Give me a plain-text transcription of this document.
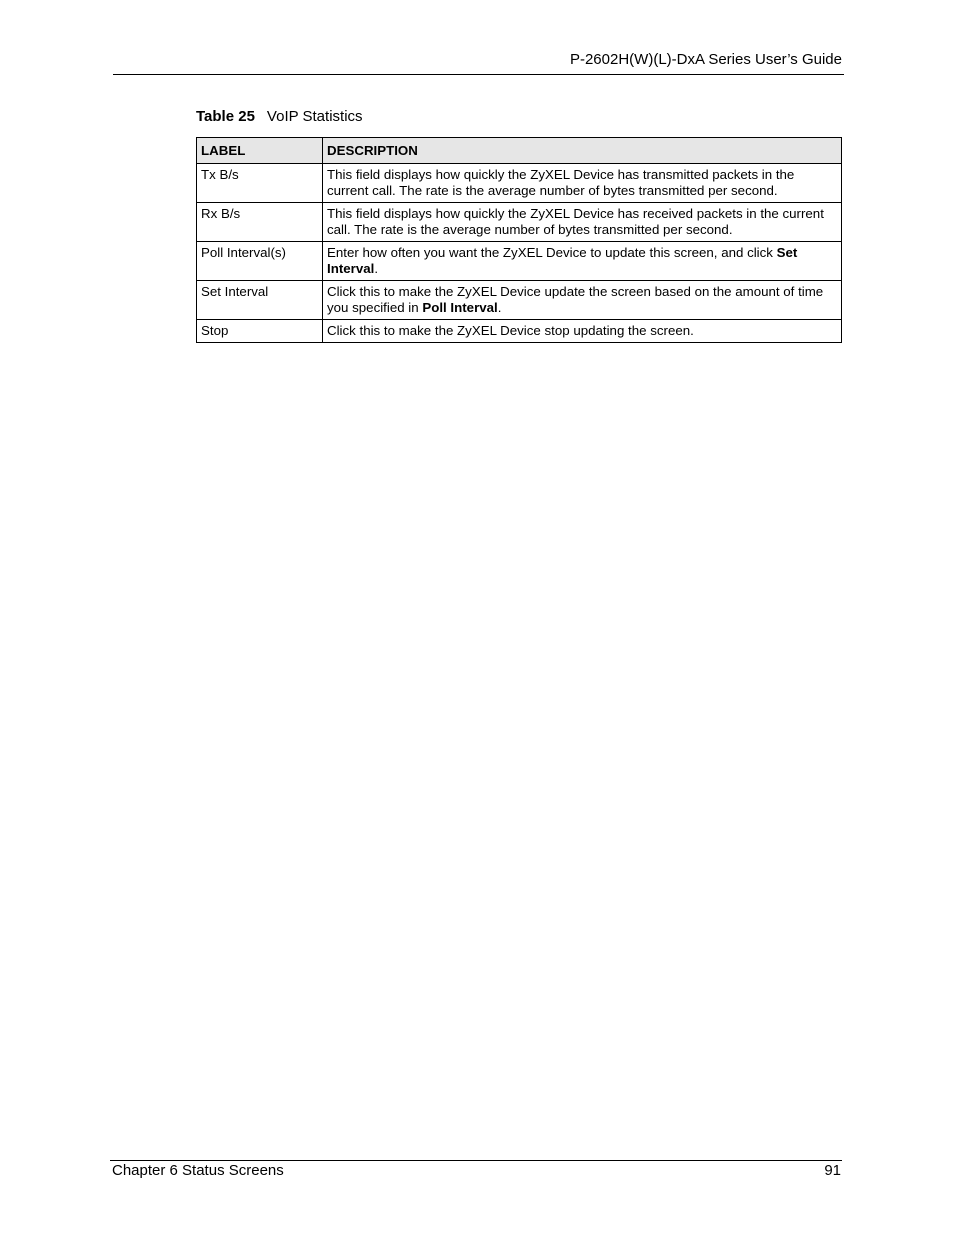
P-2602H(W)(L)-DxA Series User’s Guide
Table 25 VoIP Statistics
LABEL	DESCRIPTION
Tx B/s	This field displays how quickly the ZyXEL Device has transmitted packets in the current call. The rate is the average number of bytes transmitted per second.
Rx B/s	This field displays how quickly the ZyXEL Device has received packets in the current call. The rate is the average number of bytes transmitted per second.
Poll Interval(s)	Enter how often you want the ZyXEL Device to update this screen, and click Set Interval.
Set Interval	Click this to make the ZyXEL Device update the screen based on the amount of time you specified in Poll Interval.
Stop	Click this to make the ZyXEL Device stop updating the screen.
Chapter 6 Status Screens	91
